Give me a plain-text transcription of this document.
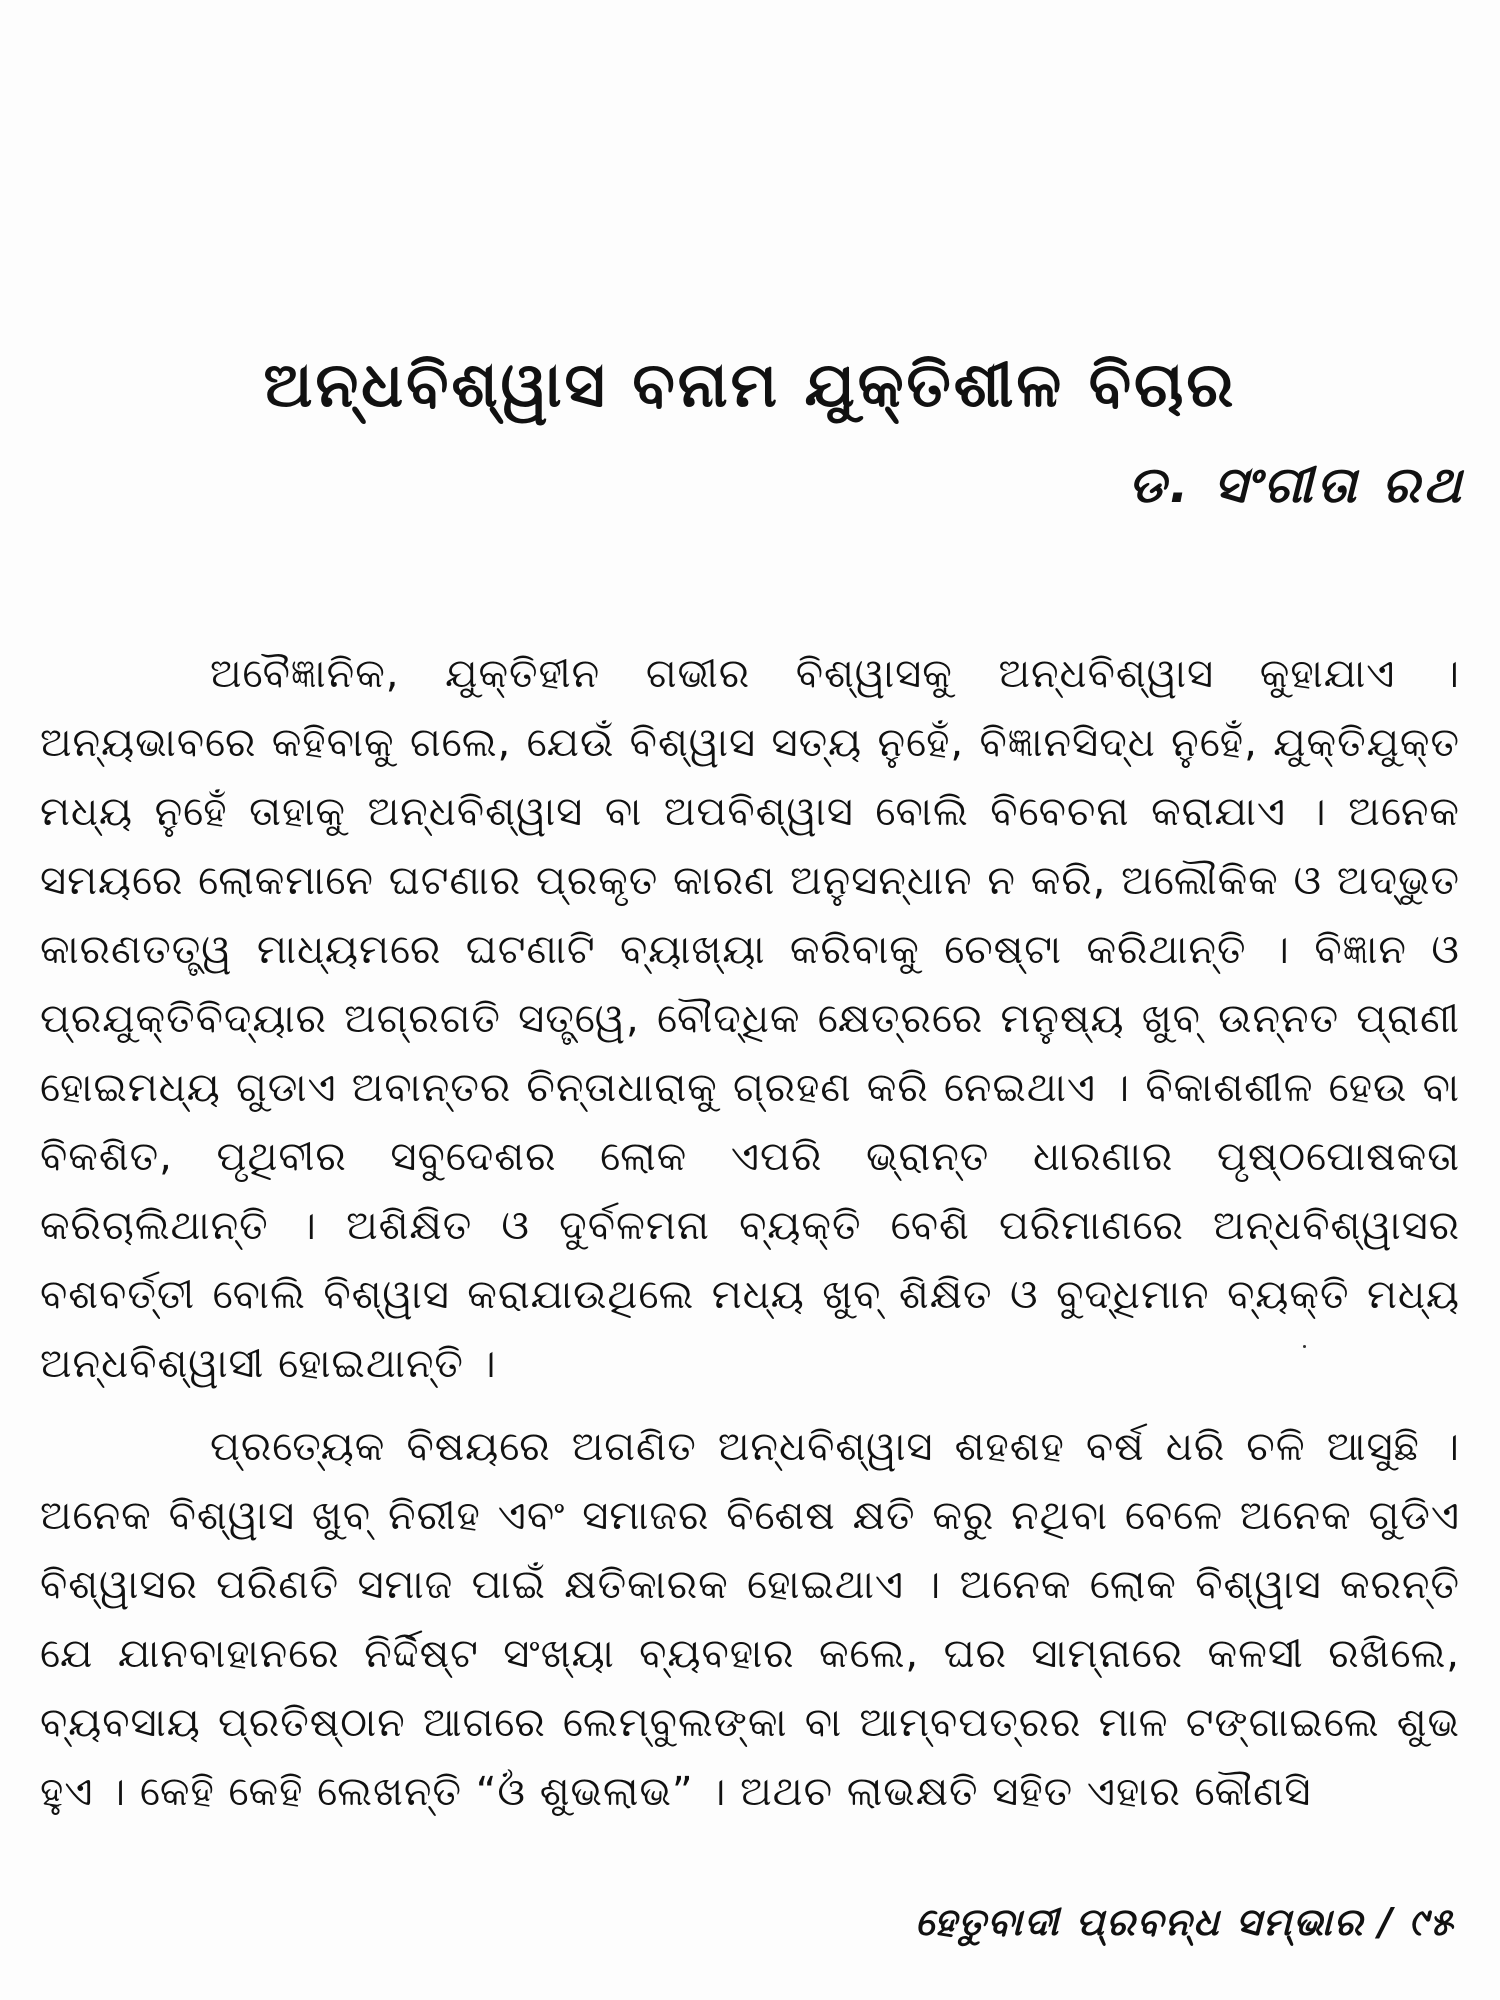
ଅନ୍ଧବିଶ୍ୱାସ ବନାମ ଯୁକ୍ତିଶୀଳ ବିଚାର
ଡ. ସଂଗୀତା ରଥ

ଅବୈଜ୍ଞାନିକ, ଯୁକ୍ତିହୀନ ଗଭୀର ବିଶ୍ୱାସକୁ ଅନ୍ଧବିଶ୍ୱାସ କୁହାଯାଏ । ଅନ୍ୟଭାବରେ କହିବାକୁ ଗଲେ, ଯେଉଁ ବିଶ୍ୱାସ ସତ୍ୟ ନୁହେଁ, ବିଜ୍ଞାନସିଦ୍ଧ ନୁହେଁ, ଯୁକ୍ତିଯୁକ୍ତ ମଧ୍ୟ ନୁହେଁ ତାହାକୁ ଅନ୍ଧବିଶ୍ୱାସ ବା ଅପବିଶ୍ୱାସ ବୋଲି ବିବେଚନା କରାଯାଏ । ଅନେକ ସମୟରେ ଲୋକମାନେ ଘଟଣାର ପ୍ରକୃତ କାରଣ ଅନୁସନ୍ଧାନ ନ କରି, ଅଲୌକିକ ଓ ଅଦ୍ଭୁତ କାରଣତତ୍ତ୍ୱ ମାଧ୍ୟମରେ ଘଟଣାଟି ବ୍ୟାଖ୍ୟା କରିବାକୁ ଚେଷ୍ଟା କରିଥାନ୍ତି । ବିଜ୍ଞାନ ଓ ପ୍ରଯୁକ୍ତିବିଦ୍ୟାର ଅଗ୍ରଗତି ସତ୍ତ୍ୱେ, ବୌଦ୍ଧିକ କ୍ଷେତ୍ରରେ ମନୁଷ୍ୟ ଖୁବ୍ ଉନ୍ନତ ପ୍ରାଣୀ ହୋଇମଧ୍ୟ ଗୁଡାଏ ଅବାନ୍ତର ଚିନ୍ତାଧାରାକୁ ଗ୍ରହଣ କରି ନେଇଥାଏ । ବିକାଶଶୀଳ ହେଉ ବା ବିକଶିତ, ପୃଥିବୀର ସବୁଦେଶର ଲୋକ ଏପରି ଭ୍ରାନ୍ତ ଧାରଣାର ପୃଷ୍ଠପୋଷକତା କରିଚାଲିଥାନ୍ତି । ଅଶିକ୍ଷିତ ଓ ଦୁର୍ବଳମନା ବ୍ୟକ୍ତି ବେଶି ପରିମାଣରେ ଅନ୍ଧବିଶ୍ୱାସର ବଶବର୍ତ୍ତୀ ବୋଲି ବିଶ୍ୱାସ କରାଯାଉଥିଲେ ମଧ୍ୟ ଖୁବ୍ ଶିକ୍ଷିତ ଓ ବୁଦ୍ଧିମାନ ବ୍ୟକ୍ତି ମଧ୍ୟ ଅନ୍ଧବିଶ୍ୱାସୀ ହୋଇଥାନ୍ତି ।

ପ୍ରତ୍ୟେକ ବିଷୟରେ ଅଗଣିତ ଅନ୍ଧବିଶ୍ୱାସ ଶହଶହ ବର୍ଷ ଧରି ଚଳି ଆସୁଛି । ଅନେକ ବିଶ୍ୱାସ ଖୁବ୍ ନିରୀହ ଏବଂ ସମାଜର ବିଶେଷ କ୍ଷତି କରୁ ନଥିବା ବେଳେ ଅନେକ ଗୁଡିଏ ବିଶ୍ୱାସର ପରିଣତି ସମାଜ ପାଇଁ କ୍ଷତିକାରକ ହୋଇଥାଏ । ଅନେକ ଲୋକ ବିଶ୍ୱାସ କରନ୍ତି ଯେ ଯାନବାହାନରେ ନିର୍ଦ୍ଦିଷ୍ଟ ସଂଖ୍ୟା ବ୍ୟବହାର କଲେ, ଘର ସାମ୍ନାରେ କଳସୀ ରଖିଲେ, ବ୍ୟବସାୟ ପ୍ରତିଷ୍ଠାନ ଆଗରେ ଲେମ୍ବୁଲଙ୍କା ବା ଆମ୍ବପତ୍ରର ମାଳ ଟଙ୍ଗାଇଲେ ଶୁଭ ହୁଏ । କେହି କେହି ଲେଖନ୍ତି “ଓଁ ଶୁଭଲାଭ” । ଅଥଚ ଲାଭକ୍ଷତି ସହିତ ଏହାର କୌଣସି

ହେତୁବାଦୀ ପ୍ରବନ୍ଧ ସମ୍ଭାର / ୯୫
